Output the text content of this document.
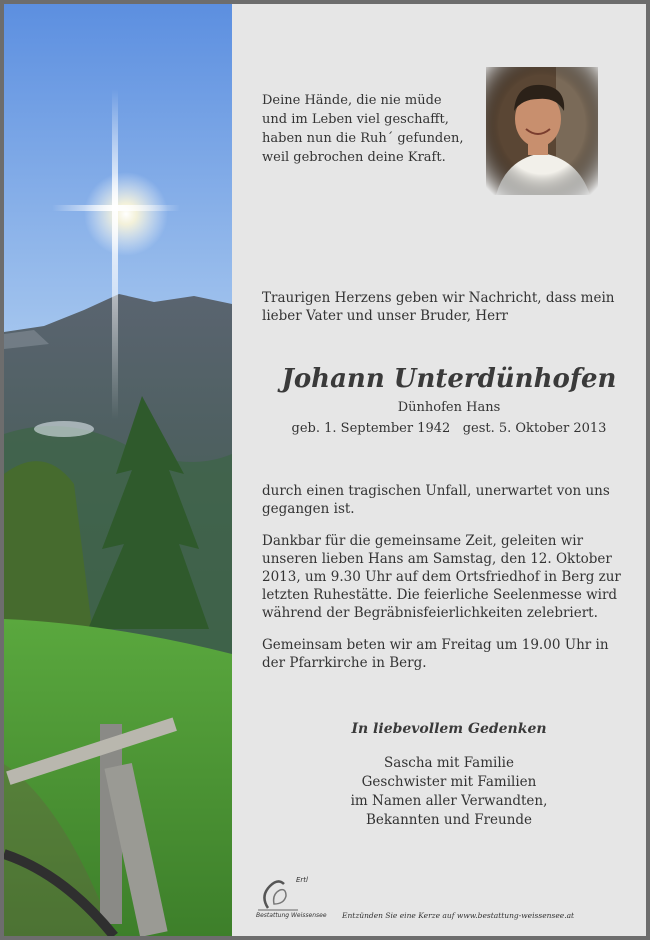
Deine Hände, die nie müde
und im Leben viel geschafft,
haben nun die Ruh´ gefunden,
weil gebrochen deine Kraft.
Traurigen Herzens geben wir Nachricht, dass mein lieber Vater und unser Bruder, Herr
Johann Unterdünhofen
Dünhofen Hans
geb. 1. September 1942   gest. 5. Oktober 2013
durch einen tragischen Unfall, unerwartet von uns gegangen ist.
Dankbar für die gemeinsame Zeit, geleiten wir unseren lieben Hans am Samstag, den 12. Oktober 2013, um 9.30 Uhr auf dem Ortsfriedhof in Berg zur letzten Ruhestätte. Die feierliche Seelenmesse wird während der Begräbnisfeierlichkeiten zelebriert.
Gemeinsam beten wir am Freitag um 19.00 Uhr in der Pfarrkirche in Berg.
In liebevollem Gedenken
Sascha mit Familie
Geschwister mit Familien
im Namen aller Verwandten,
Bekannten und Freunde
Ertl
Bestattung Weissensee Entzünden Sie eine Kerze auf www.bestattung-weissensee.at
